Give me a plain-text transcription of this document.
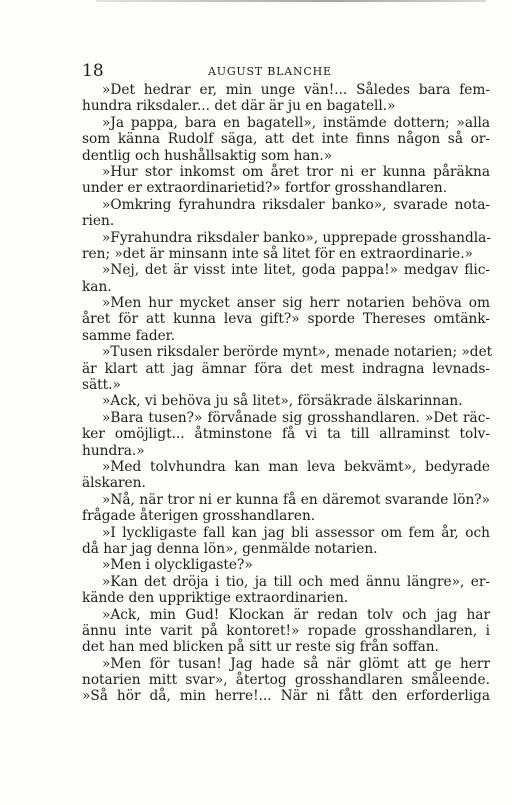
18	AUGUST BLANCHE
»Det hedrar er, min unge vän!... Således bara fem-
hundra riksdaler... det där är ju en bagatell.»
»Ja pappa, bara en bagatell», instämde dottern; »alla
som känna Rudolf säga, att det inte finns någon så or-
dentlig och hushållsaktig som han.»
»Hur stor inkomst om året tror ni er kunna påräkna
under er extraordinarietid?» fortfor grosshandlaren.
»Omkring fyrahundra riksdaler banko», svarade nota-
rien.
»Fyrahundra riksdaler banko», upprepade grosshandla-
ren; »det är minsann inte så litet för en extraordinarie.»
»Nej, det är visst inte litet, goda pappa!» medgav flic-
kan.
»Men hur mycket anser sig herr notarien behöva om
året för att kunna leva gift?» sporde Thereses omtänk-
samme fader.
»Tusen riksdaler berörde mynt», menade notarien; »det
är klart att jag ämnar föra det mest indragna levnads-
sätt.»
»Ack, vi behöva ju så litet», försäkrade älskarinnan.
»Bara tusen?» förvånade sig grosshandlaren. »Det räc-
ker omöjligt... åtminstone få vi ta till allraminst tolv-
hundra.»
»Med tolvhundra kan man leva bekvämt», bedyrade
älskaren.
»Nå, när tror ni er kunna få en däremot svarande lön?»
frågade återigen grosshandlaren.
»I lyckligaste fall kan jag bli assessor om fem år, och
då har jag denna lön», genmälde notarien.
»Men i olyckligaste?»
»Kan det dröja i tio, ja till och med ännu längre», er-
kände den uppriktige extraordinarien.
»Ack, min Gud! Klockan är redan tolv och jag har
ännu inte varit på kontoret!» ropade grosshandlaren, i
det han med blicken på sitt ur reste sig från soffan.
»Men för tusan! Jag hade så när glömt att ge herr
notarien mitt svar», återtog grosshandlaren småleende.
»Så hör då, min herre!... När ni fått den erforderliga
